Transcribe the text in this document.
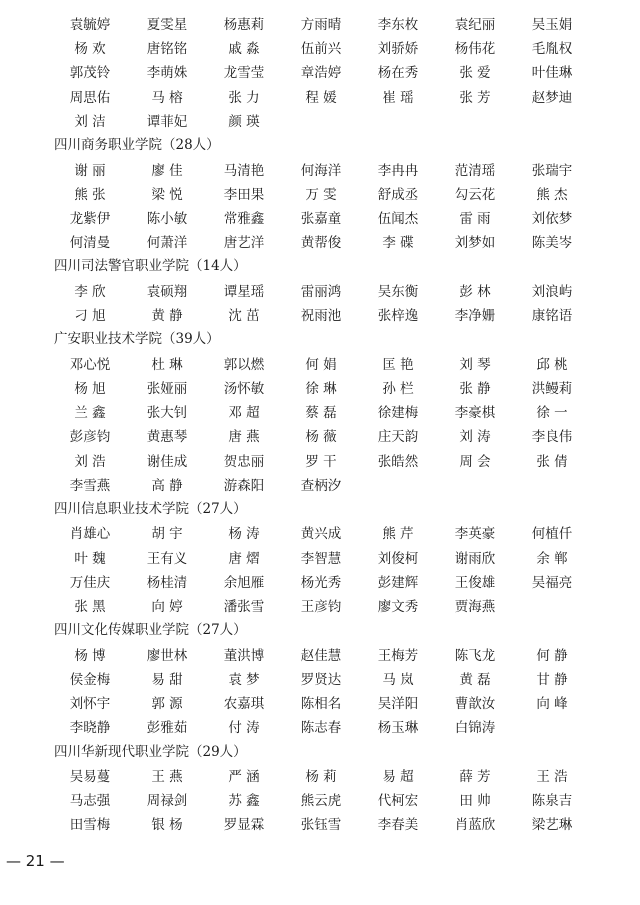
袁毓婷	夏雯星	杨惠莉	方雨晴	李东枚	袁纪丽	吴玉娟
杨 欢	唐铭铭	戚 淼	伍前兴	刘骄娇	杨伟花	毛胤权
郭茂铃	李萌姝	龙雪莹	章浩婷	杨在秀	张 爱	叶佳琳
周思佑	马 榕	张 力	程 媛	崔 瑶	张 芳	赵梦迪
刘 洁	谭菲妃	颜 瑛
四川商务职业学院（28人）
谢 丽	廖 佳	马清艳	何海洋	李冉冉	范清瑶	张瑞宇
熊 张	梁 悦	李田果	万 雯	舒成丞	勾云花	熊 杰
龙紫伊	陈小敏	常雅鑫	张嘉童	伍闻杰	雷 雨	刘依梦
何清曼	何萧洋	唐艺洋	黄帮俊	李 碟	刘梦如	陈美岑
四川司法警官职业学院（14人）
李 欣	袁硕翔	谭星瑶	雷丽鸿	吴东衡	彭 林	刘浪屿
刁 旭	黄 静	沈 茁	祝雨池	张梓逸	李净姗	康铭语
广安职业技术学院（39人）
邓心悦	杜 琳	郭以燃	何 娟	匡 艳	刘 琴	邱 桃
杨 旭	张娅丽	汤怀敏	徐 琳	孙 栏	张 静	洪鳗莉
兰 鑫	张大钊	邓 超	蔡 磊	徐建梅	李豪棋	徐 一
彭彦钧	黄惠琴	唐 燕	杨 薇	庄天韵	刘 涛	李良伟
刘 浩	谢佳成	贺忠丽	罗 干	张皓然	周 会	张 倩
李雪燕	高 静	游森阳	查柄汐
四川信息职业技术学院（27人）
肖雄心	胡 宇	杨 涛	黄兴成	熊 芹	李英豪	何植仟
叶 魏	王有义	唐 熠	李智慧	刘俊柯	谢雨欣	余 郸
万佳庆	杨桂清	余旭雁	杨光秀	彭建辉	王俊雄	吴福亮
张 黑	向 婷	潘张雪	王彦钧	廖文秀	贾海燕
四川文化传媒职业学院（27人）
杨 博	廖世林	董洪博	赵佳慧	王梅芳	陈飞龙	何 静
侯金梅	易 甜	袁 梦	罗贤达	马 岚	黄 磊	甘 静
刘怀宇	郭 源	农嘉琪	陈相名	吴洋阳	曹歆汝	向 峰
李晓静	彭雅茹	付 涛	陈志春	杨玉琳	白锦涛
四川华新现代职业学院（29人）
吴易蔓	王 燕	严 涵	杨 莉	易 超	薛 芳	王 浩
马志强	周禄剑	苏 鑫	熊云虎	代柯宏	田 帅	陈泉吉
田雪梅	银 杨	罗显霖	张钰雪	李春美	肖蓝欣	梁艺琳
— 21 —
